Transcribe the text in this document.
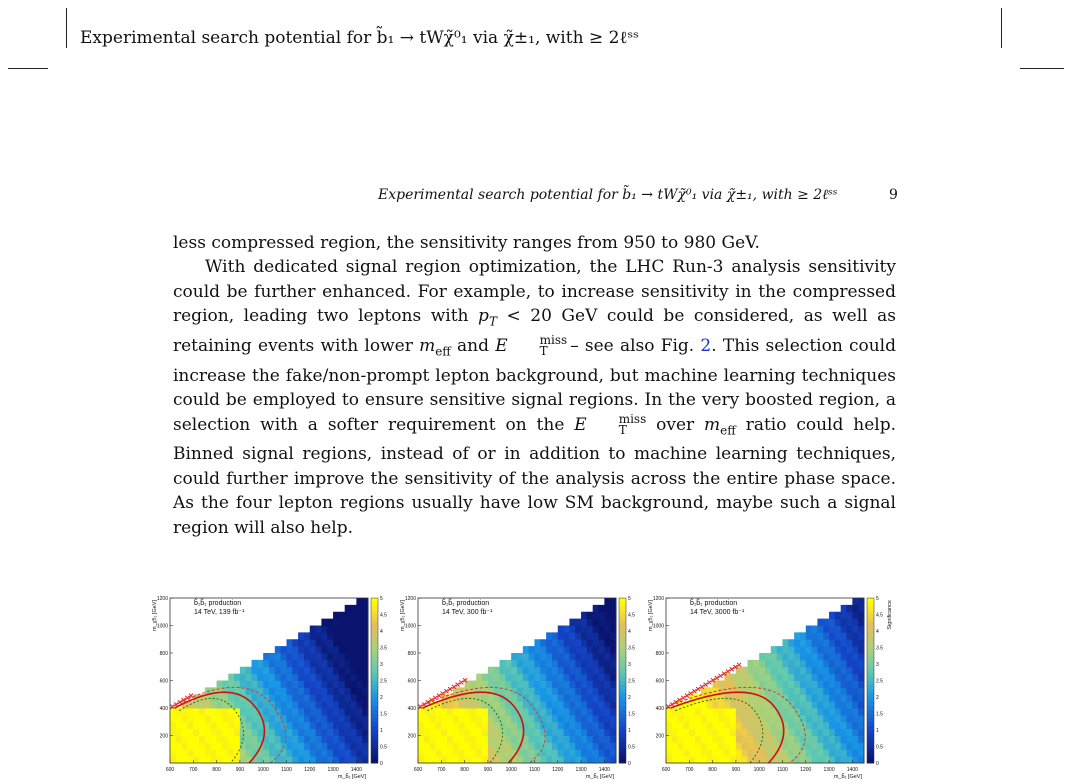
Experimental search potential for b̃₁ → tWχ̃⁰₁ via χ̃±₁, with ≥ 2ℓˢˢ
Experimental search potential for b̃₁ → tWχ̃⁰₁ via χ̃±₁, with ≥ 2ℓˢˢ	9

less compressed region, the sensitivity ranges from 950 to 980 GeV.

With dedicated signal region optimization, the LHC Run-3 analysis sensitivity could be further enhanced. For example, to increase sensitivity in the compressed region, leading two leptons with $p_T < 20$ GeV could be considered, as well as retaining events with lower $m_{eff}$ and E	miss
T	– see also Fig. 2. This selection could increase the fake/non-prompt lepton background, but machine learning techniques could be employed to ensure sensitive signal regions. In the very boosted region, a selection with a softer requirement on the E	miss
T	over $m_{eff}$ ratio could help. Binned signal regions, instead of or in addition to machine learning techniques, could further improve the sensitivity of the analysis across the entire phase space. As the four lepton regions usually have low SM background, maybe such a signal region will also help.

600	700	800	900	1000 1100 1200 1300 1400
200
400
600
800
1000
1200
m_b̃₁ [GeV]
m_χ̃±₁ [GeV]	b̃₁b̃₁ production
14 TeV, 139 fb⁻¹
0
0.5
1
1.5
2
2.5
3
3.5
4
4.5
5
600	700	800	900	1000 1100 1200 1300 1400
200
400
600
800
1000
1200
m_b̃₁ [GeV]
m_χ̃±₁ [GeV]	b̃₁b̃₁ production
14 TeV, 300 fb⁻¹
0
0.5
1
1.5
2
2.5
3
3.5
4
4.5
5
600	700	800	900	1000 1100 1200 1300 1400
200
400
600
800
1000
1200
m_b̃₁ [GeV]
m_χ̃±₁ [GeV]	b̃₁b̃₁ production
14 TeV, 3000 fb⁻¹
0
0.5
1
1.5
2
2.5
3
3.5
4
4.5
5
Significance
